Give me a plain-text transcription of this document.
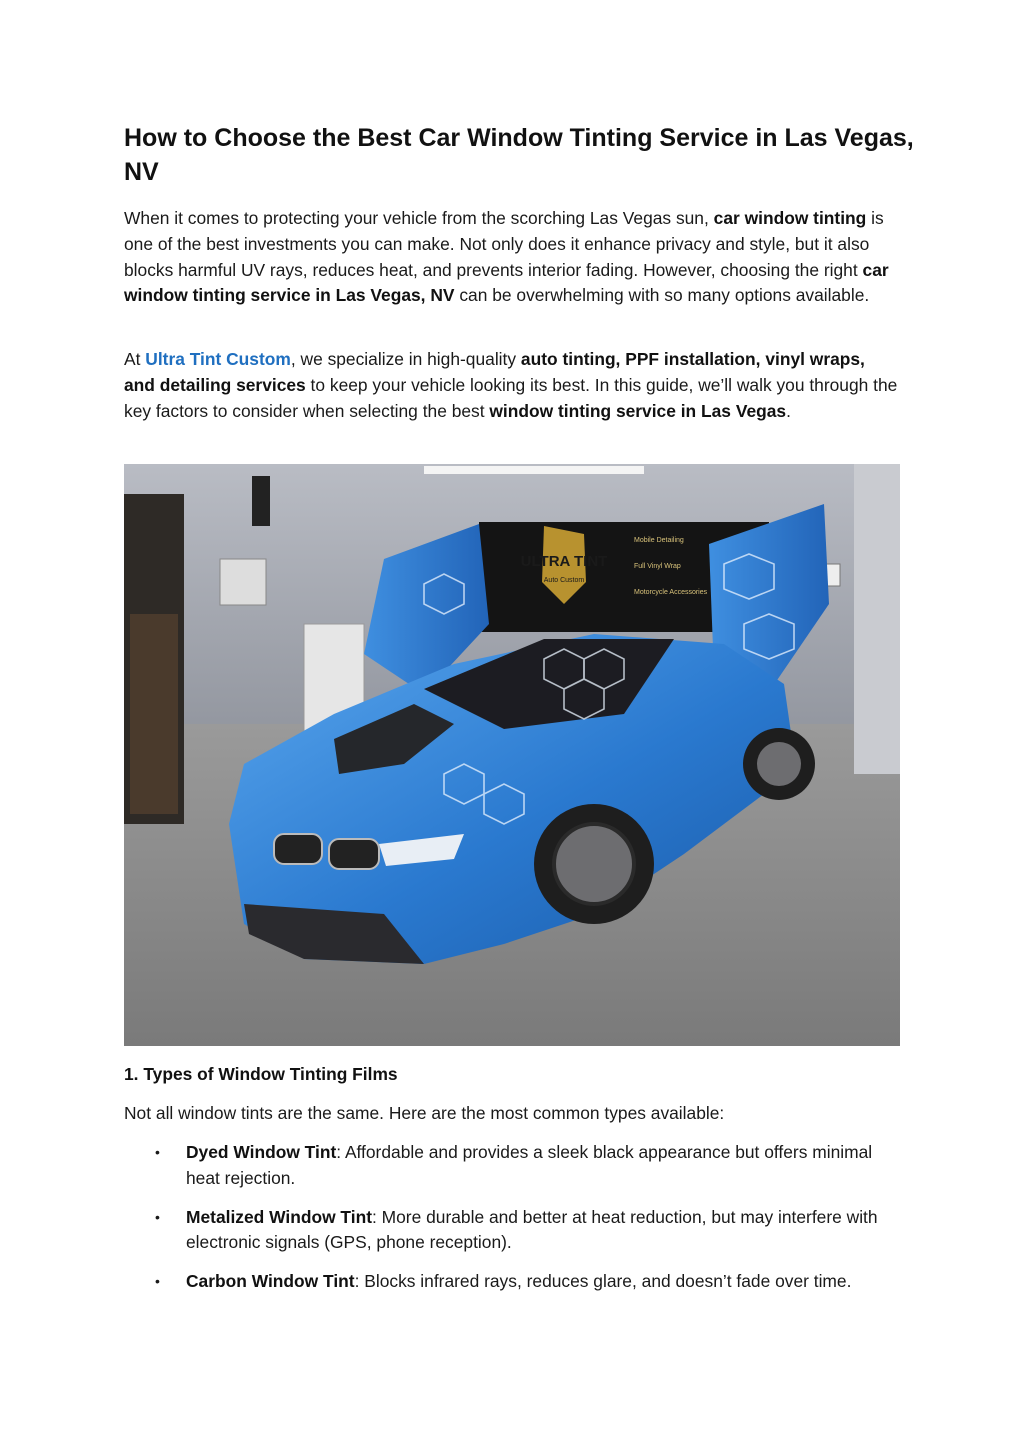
How to Choose the Best Car Window Tinting Service in Las Vegas, NV

When it comes to protecting your vehicle from the scorching Las Vegas sun, car window tinting is one of the best investments you can make. Not only does it enhance privacy and style, but it also blocks harmful UV rays, reduces heat, and prevents interior fading. However, choosing the right car window tinting service in Las Vegas, NV can be overwhelming with so many options available.

At Ultra Tint Custom, we specialize in high-quality auto tinting, PPF installation, vinyl wraps, and detailing services to keep your vehicle looking its best. In this guide, we’ll walk you through the key factors to consider when selecting the best window tinting service in Las Vegas.

ULTRA TINT
Auto Custom
Mobile Detailing
Full Vinyl Wrap
Motorcycle Accessories
1. Types of Window Tinting Films

Not all window tints are the same. Here are the most common types available:

• Dyed Window Tint: Affordable and provides a sleek black appearance but offers minimal heat rejection.
• Metalized Window Tint: More durable and better at heat reduction, but may interfere with electronic signals (GPS, phone reception).
• Carbon Window Tint: Blocks infrared rays, reduces glare, and doesn’t fade over time.
